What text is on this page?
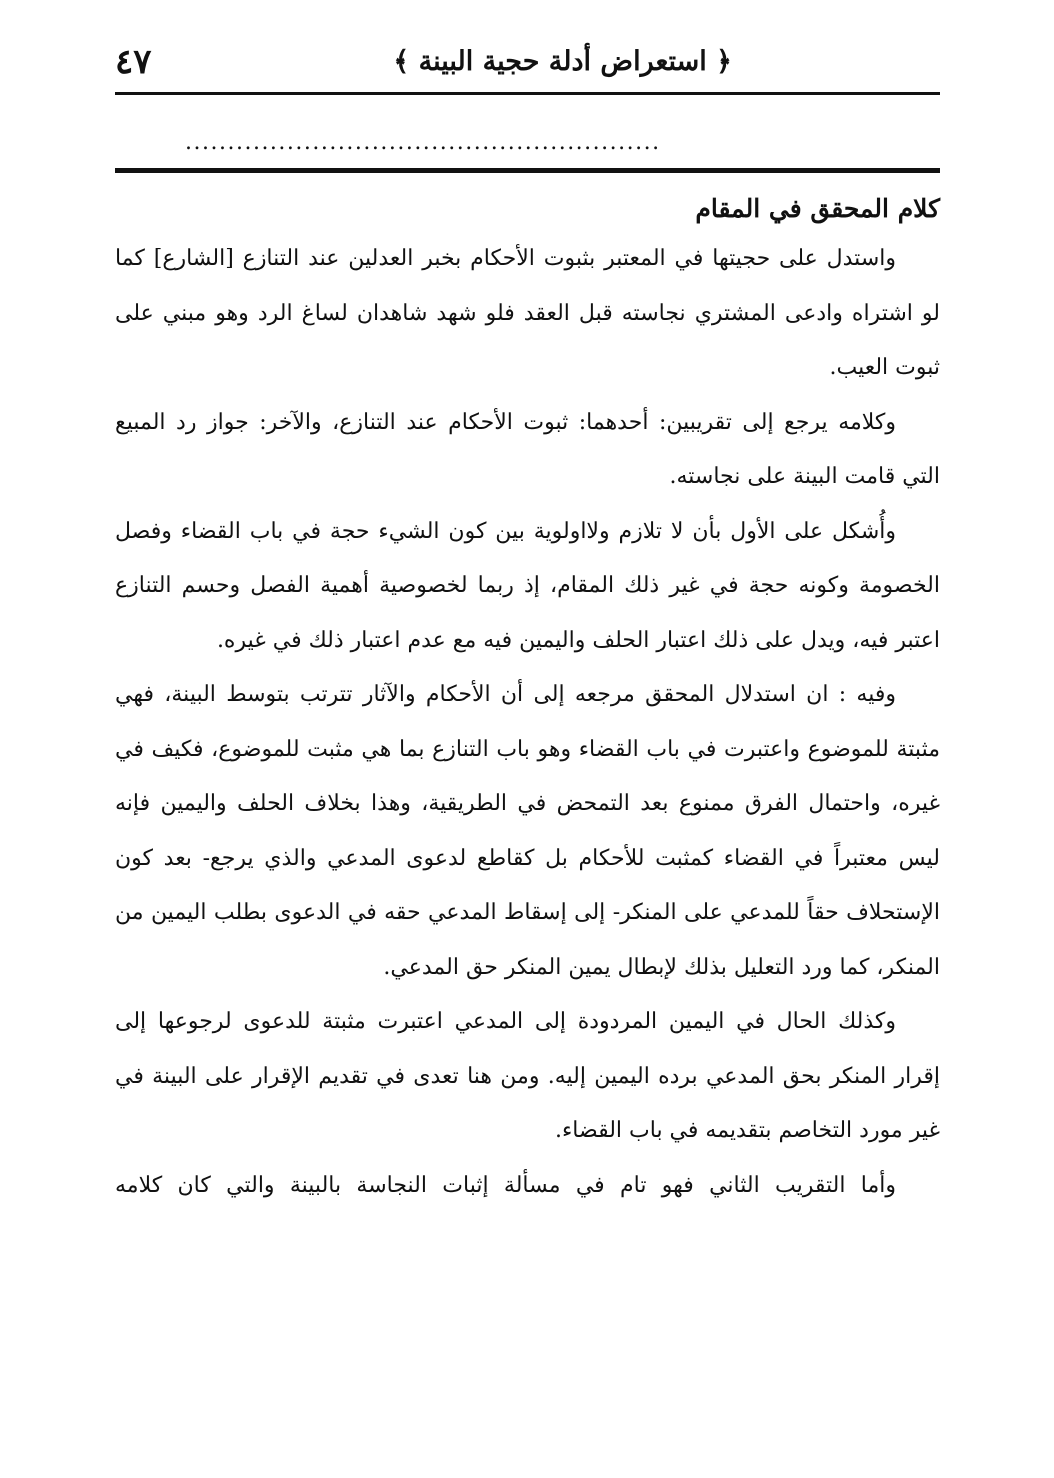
٤٧	﴿ استعراض أدلة حجية البينة ﴾
........................................................
كلام المحقق في المقام

واستدل على حجيتها في المعتبر بثبوت الأحكام بخبر العدلين عند التنازع [الشارع] كما لو اشتراه وادعى المشتري نجاسته قبل العقد فلو شهد شاهدان لساغ الرد وهو مبني على ثبوت العيب.

وكلامه يرجع إلى تقريبين: أحدهما: ثبوت الأحكام عند التنازع، والآخر: جواز رد المبيع التي قامت البينة على نجاسته.

وأُشكل على الأول بأن لا تلازم ولااولوية بين كون الشيء حجة في باب القضاء وفصل الخصومة وكونه حجة في غير ذلك المقام، إذ ربما لخصوصية أهمية الفصل وحسم التنازع اعتبر فيه، ويدل على ذلك اعتبار الحلف واليمين فيه مع عدم اعتبار ذلك في غيره.

وفيه : ان استدلال المحقق مرجعه إلى أن الأحكام والآثار تترتب بتوسط البينة، فهي مثبتة للموضوع واعتبرت في باب القضاء وهو باب التنازع بما هي مثبت للموضوع، فكيف في غيره، واحتمال الفرق ممنوع بعد التمحض في الطريقية، وهذا بخلاف الحلف واليمين فإنه ليس معتبراً في القضاء كمثبت للأحكام بل كقاطع لدعوى المدعي والذي يرجع- بعد كون الإستحلاف حقاً للمدعي على المنكر- إلى إسقاط المدعي حقه في الدعوى بطلب اليمين من المنكر، كما ورد التعليل بذلك لإبطال يمين المنكر حق المدعي.

وكذلك الحال في اليمين المردودة إلى المدعي اعتبرت مثبتة للدعوى لرجوعها إلى إقرار المنكر بحق المدعي برده اليمين إليه. ومن هنا تعدى في تقديم الإقرار على البينة في غير مورد التخاصم بتقديمه في باب القضاء.

وأما التقريب الثاني فهو تام في مسألة إثبات النجاسة بالبينة والتي كان كلامه
